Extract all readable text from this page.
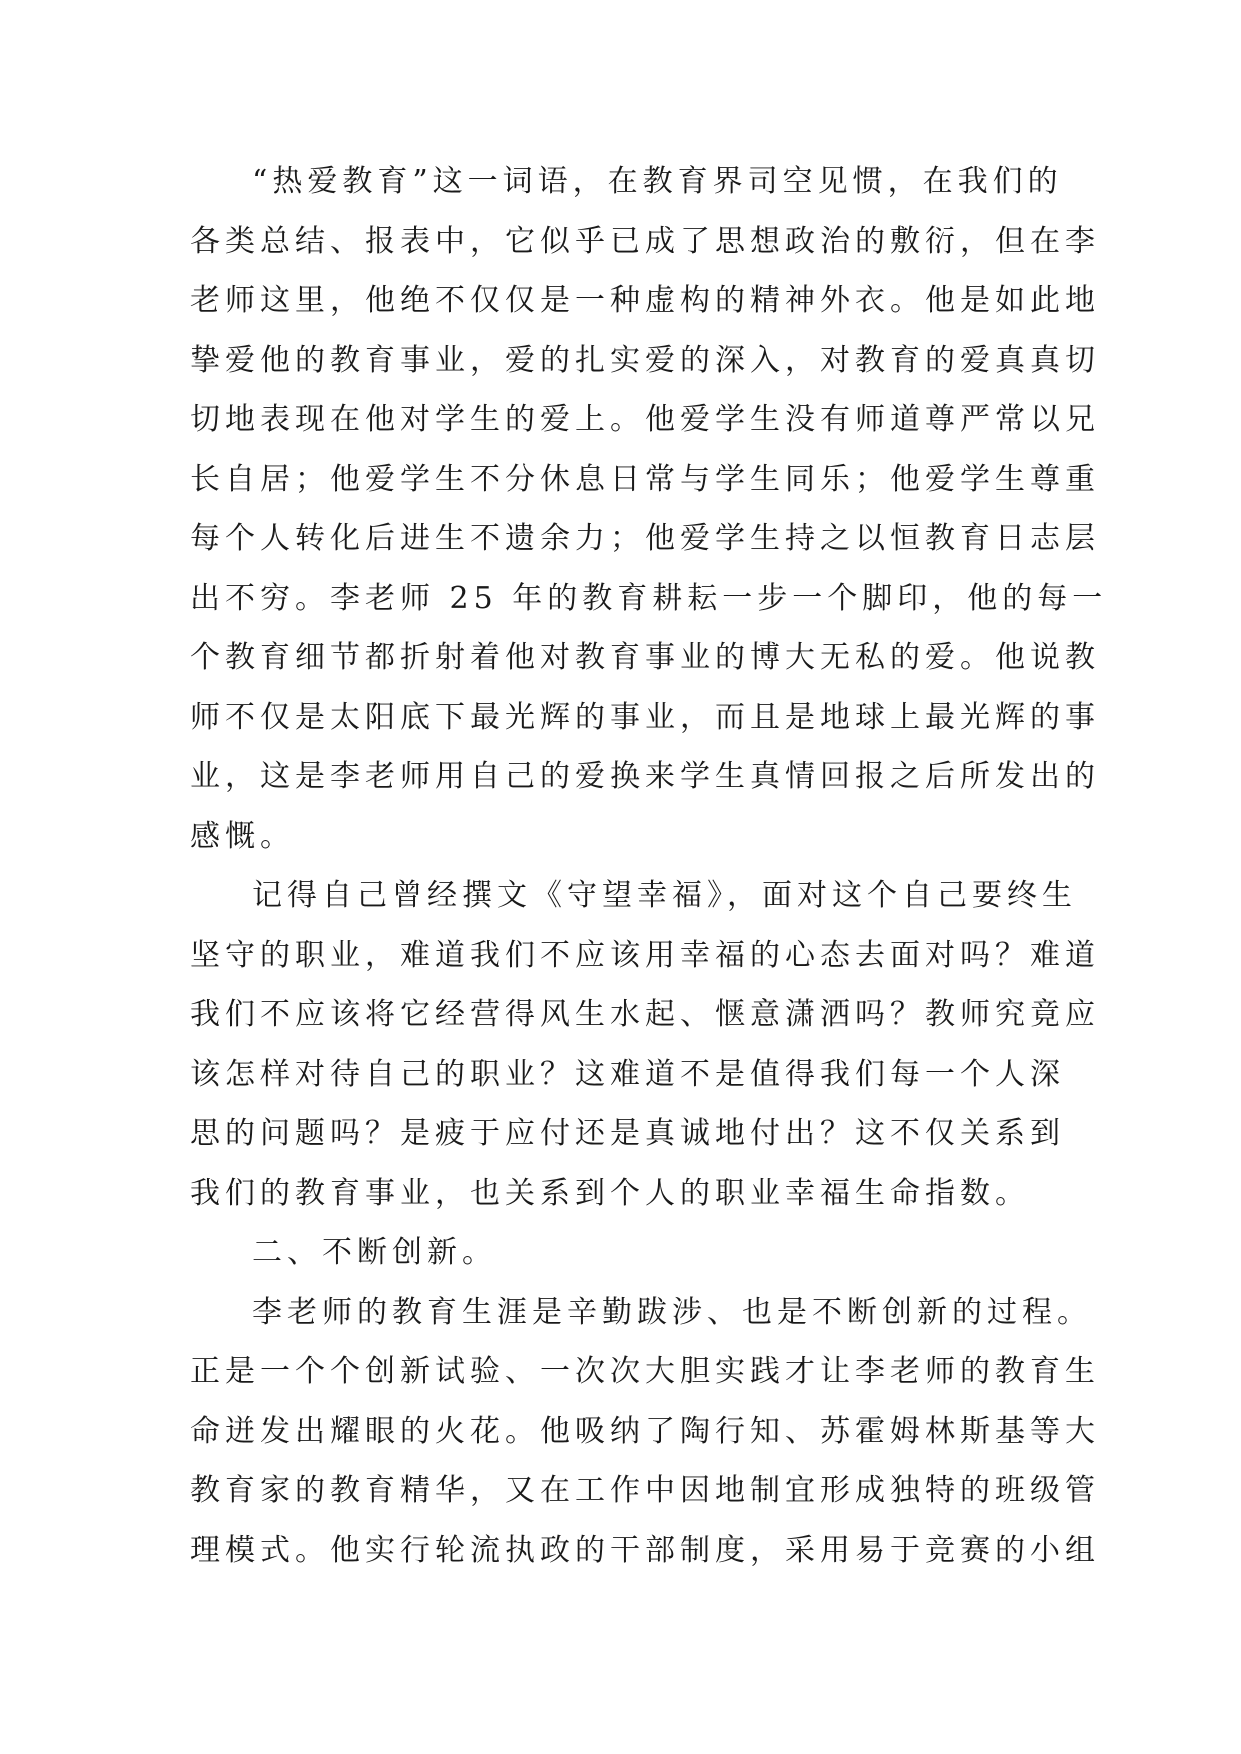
“热爱教育”这一词语，在教育界司空见惯，在我们的
各类总结、报表中，它似乎已成了思想政治的敷衍，但在李
老师这里，他绝不仅仅是一种虚构的精神外衣。他是如此地
挚爱他的教育事业，爱的扎实爱的深入，对教育的爱真真切
切地表现在他对学生的爱上。他爱学生没有师道尊严常以兄
长自居；他爱学生不分休息日常与学生同乐；他爱学生尊重
每个人转化后进生不遗余力；他爱学生持之以恒教育日志层
出不穷。李老师 25 年的教育耕耘一步一个脚印，他的每一
个教育细节都折射着他对教育事业的博大无私的爱。他说教
师不仅是太阳底下最光辉的事业，而且是地球上最光辉的事
业，这是李老师用自己的爱换来学生真情回报之后所发出的
感慨。
记得自己曾经撰文《守望幸福》，面对这个自己要终生
坚守的职业，难道我们不应该用幸福的心态去面对吗？难道
我们不应该将它经营得风生水起、惬意潇洒吗？教师究竟应
该怎样对待自己的职业？这难道不是值得我们每一个人深
思的问题吗？是疲于应付还是真诚地付出？这不仅关系到
我们的教育事业，也关系到个人的职业幸福生命指数。
二、不断创新。
李老师的教育生涯是辛勤跋涉、也是不断创新的过程。
正是一个个创新试验、一次次大胆实践才让李老师的教育生
命迸发出耀眼的火花。他吸纳了陶行知、苏霍姆林斯基等大
教育家的教育精华，又在工作中因地制宜形成独特的班级管
理模式。他实行轮流执政的干部制度，采用易于竞赛的小组
